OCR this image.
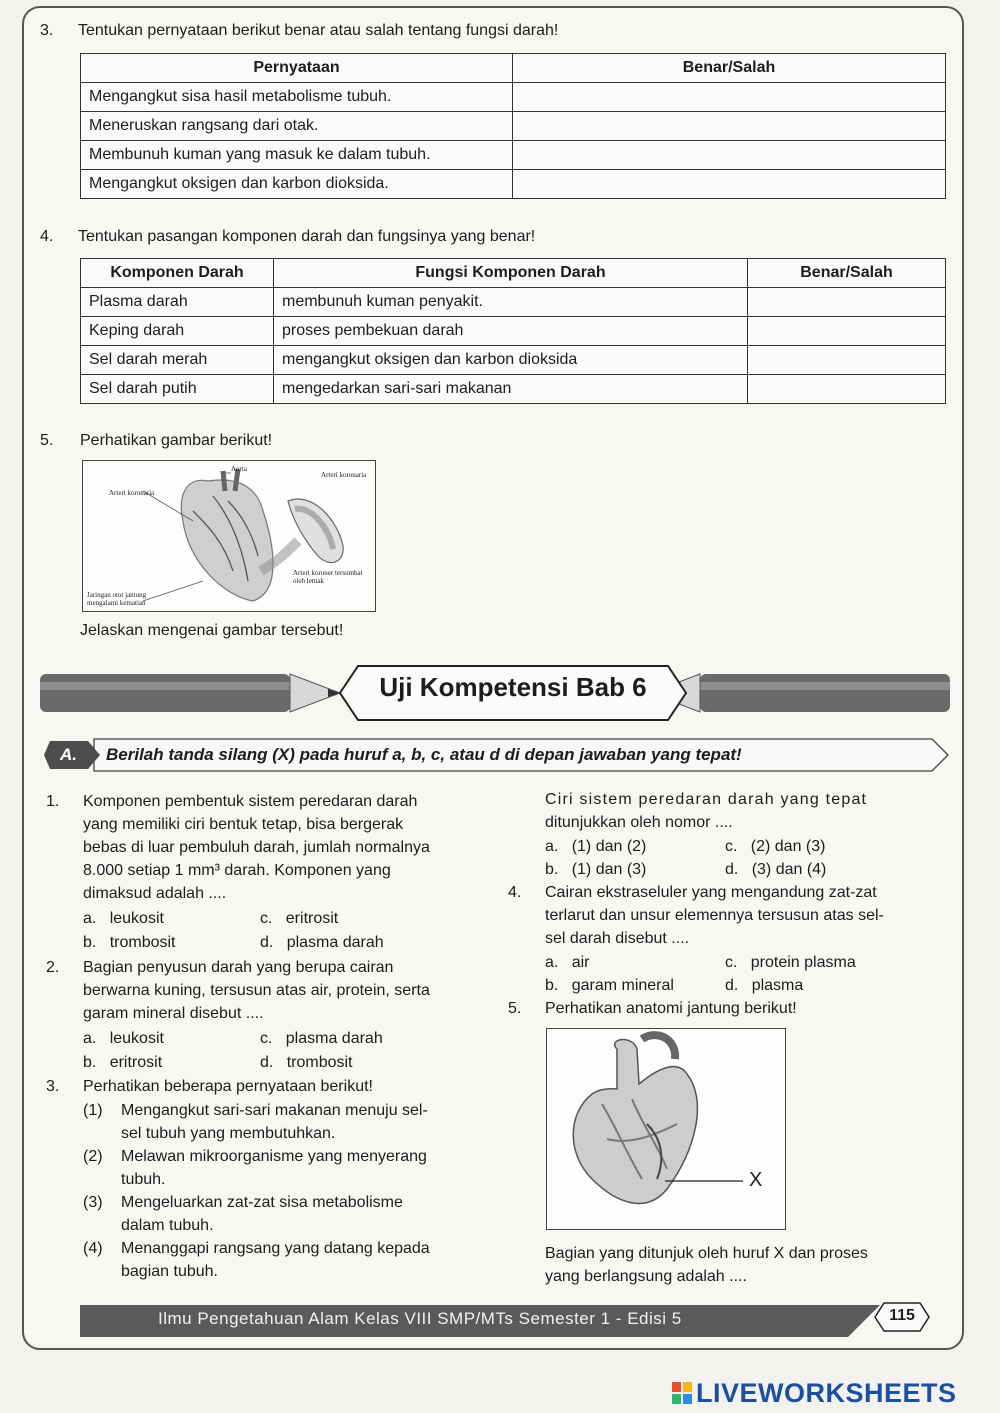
3. Tentukan pernyataan berikut benar atau salah tentang fungsi darah!
Pernyataan	Benar/Salah
Mengangkut sisa hasil metabolisme tubuh.	
Meneruskan rangsang dari otak.	
Membunuh kuman yang masuk ke dalam tubuh.	
Mengangkut oksigen dan karbon dioksida.	
4. Tentukan pasangan komponen darah dan fungsinya yang benar!
Komponen Darah	Fungsi Komponen Darah	Benar/Salah
Plasma darah	membunuh kuman penyakit.	
Keping darah	proses pembekuan darah	
Sel darah merah	mengangkut oksigen dan karbon dioksida	
Sel darah putih	mengedarkan sari-sari makanan	
5. Perhatikan gambar berikut!
Aorta
Arteri koronaria
Arteri koronaria
Arteri koroner tersumbat oleh lemak
Jaringan otot jantung mengalami kematian
Jelaskan mengenai gambar tersebut!
Uji Kompetensi Bab 6
A. Berilah tanda silang (X) pada huruf a, b, c, atau d di depan jawaban yang tepat!
1. Komponen pembentuk sistem peredaran darah
yang memiliki ciri bentuk tetap, bisa bergerak
bebas di luar pembuluh darah, jumlah normalnya
8.000 setiap 1 mm³ darah. Komponen yang
dimaksud adalah ....
a.   leukosit	c.   eritrosit
b.   trombosit	d.   plasma darah
2. Bagian penyusun darah yang berupa cairan
berwarna kuning, tersusun atas air, protein, serta
garam mineral disebut ....
a.   leukosit	c.   plasma darah
b.   eritrosit	d.   trombosit
3. Perhatikan beberapa pernyataan berikut!
(1)	Mengangkut sari-sari makanan menuju sel-
sel tubuh yang membutuhkan.
(2)	Melawan mikroorganisme yang menyerang
tubuh.
(3)	Mengeluarkan zat-zat sisa metabolisme
dalam tubuh.
(4)	Menanggapi rangsang yang datang kepada
bagian tubuh.
Ciri sistem peredaran darah yang tepat
ditunjukkan oleh nomor ....
a.   (1) dan (2)	c.   (2) dan (3)
b.   (1) dan (3)	d.   (3) dan (4)
4. Cairan ekstraseluler yang mengandung zat-zat
terlarut dan unsur elemennya tersusun atas sel-
sel darah disebut ....
a.   air	c.   protein plasma
b.   garam mineral	d.   plasma
5. Perhatikan anatomi jantung berikut!
X
Bagian yang ditunjuk oleh huruf X dan proses
yang berlangsung adalah ....
Ilmu Pengetahuan Alam Kelas VIII SMP/MTs Semester 1 - Edisi 5	115
LIVEWORKSHEETS
